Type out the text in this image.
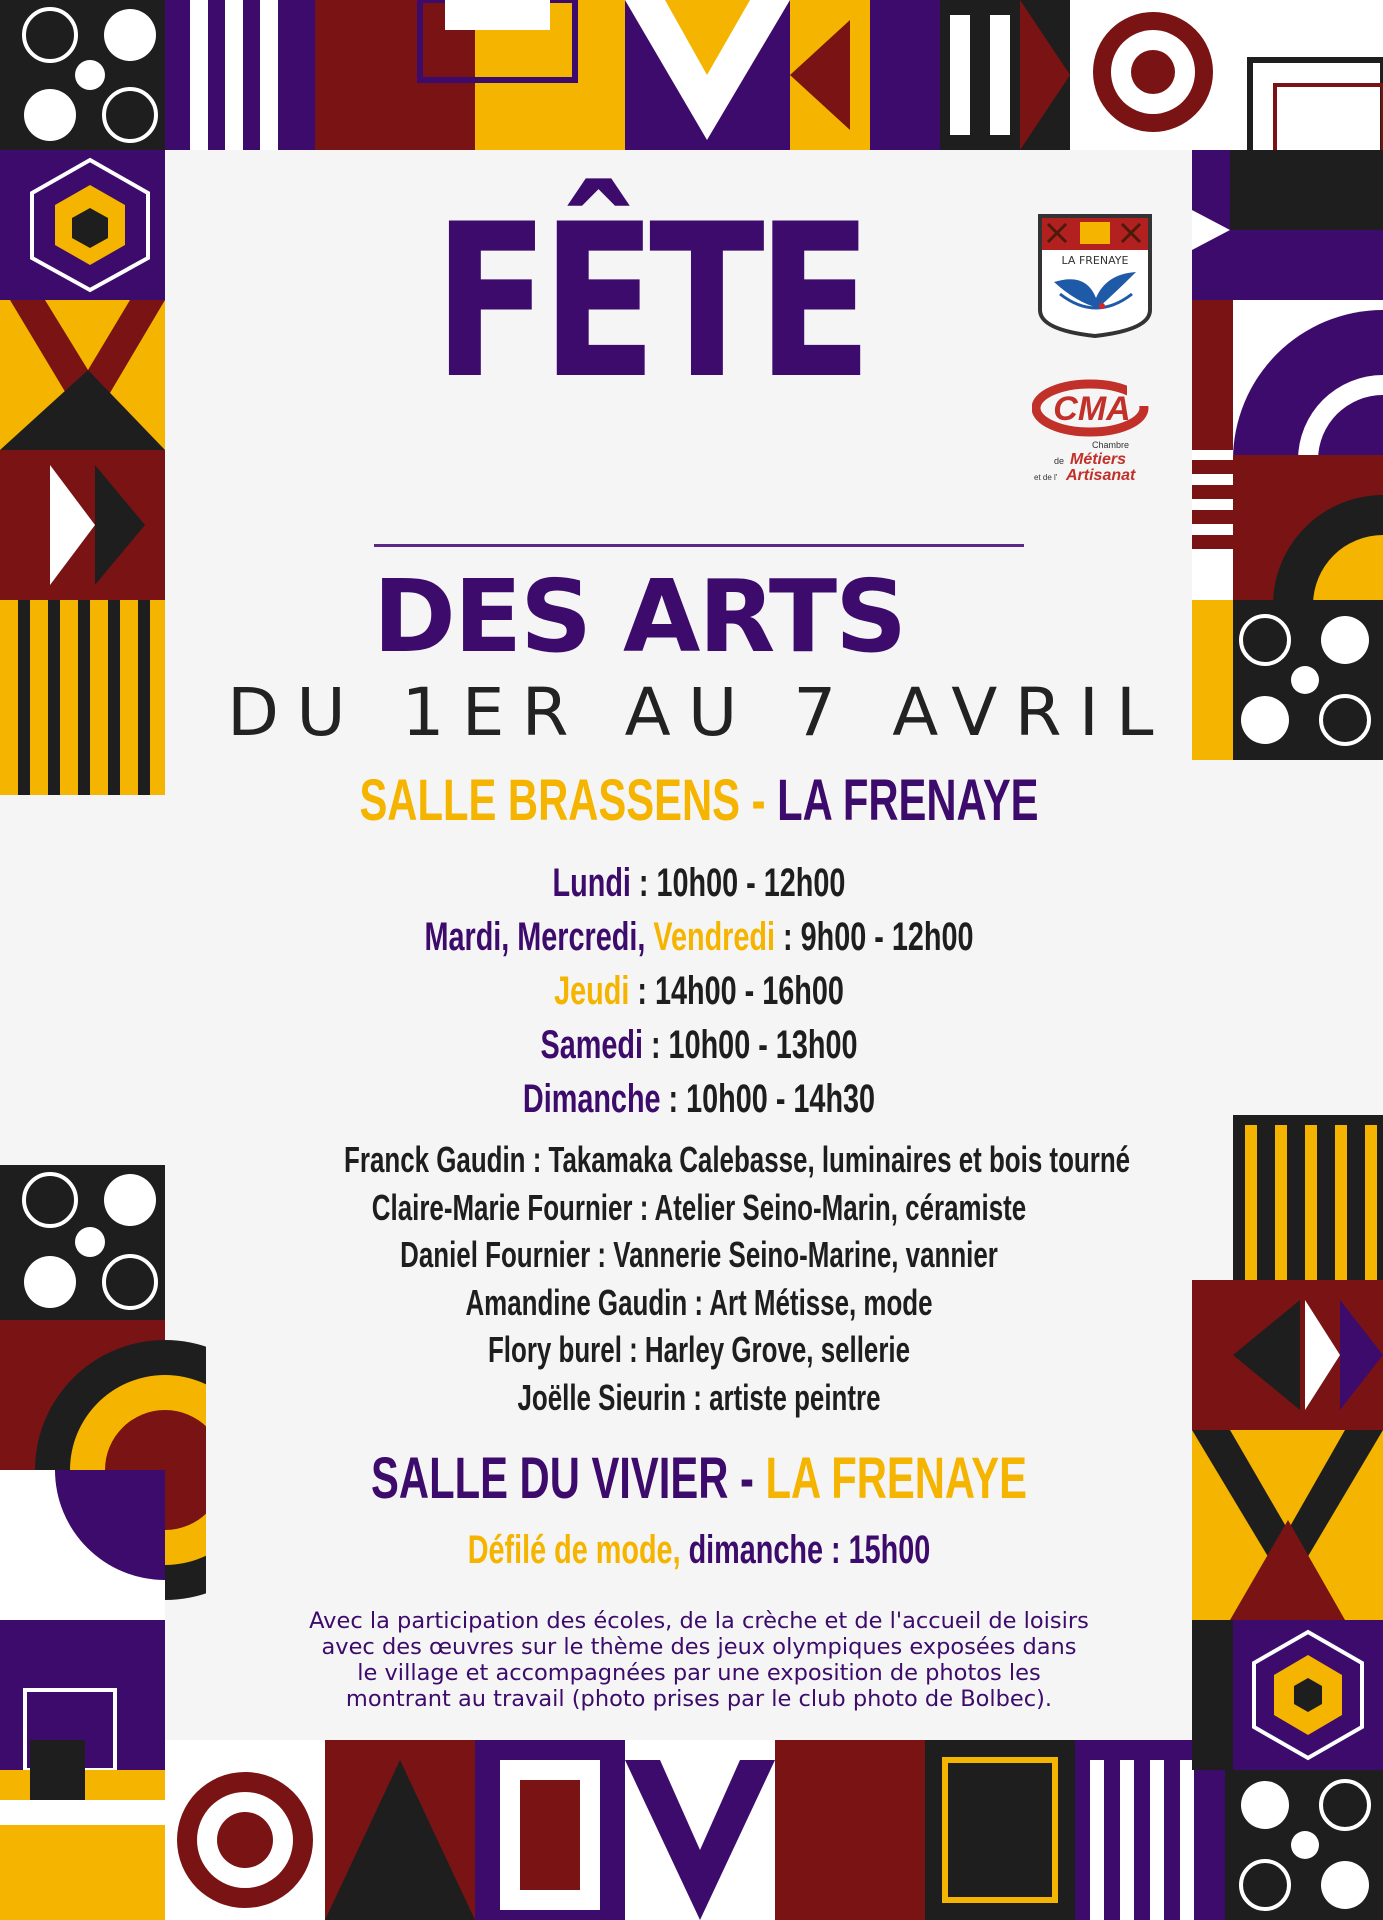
FÊTE
DES ARTS
DU 1ER AU 7 AVRIL
SALLE BRASSENS - LA FRENAYE
Lundi : 10h00 - 12h00
Mardi, Mercredi, Vendredi : 9h00 - 12h00
Jeudi : 14h00 - 16h00
Samedi : 10h00 - 13h00
Dimanche : 10h00 - 14h30
Franck Gaudin : Takamaka Calebasse, luminaires et bois tourné
Claire-Marie Fournier : Atelier Seino-Marin, céramiste
Daniel Fournier : Vannerie Seino-Marine, vannier
Amandine Gaudin : Art Métisse, mode
Flory burel : Harley Grove, sellerie
Joëlle Sieurin : artiste peintre
SALLE DU VIVIER - LA FRENAYE
Défilé de mode, dimanche : 15h00
Avec la participation des écoles, de la crèche et de l'accueil de loisirs
avec des œuvres sur le thème des jeux olympiques exposées dans
le village et accompagnées par une exposition de photos les
montrant au travail (photo prises par le club photo de Bolbec).
LA FRENAYE
CMA
Chambre
de Métiers
et de l' Artisanat
